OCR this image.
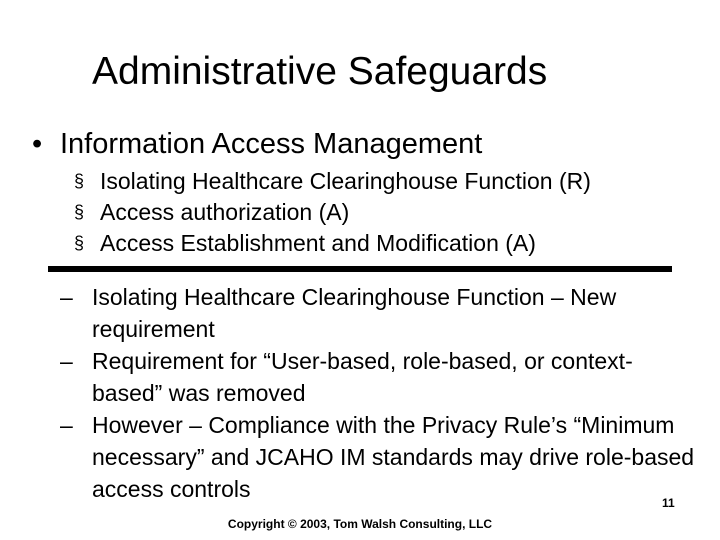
Administrative Safeguards
• Information Access Management
§ Isolating Healthcare Clearinghouse Function (R)
§ Access authorization (A)
§ Access Establishment and Modification (A)
– Isolating Healthcare Clearinghouse Function – New requirement
– Requirement for “User-based, role-based, or context-based” was removed
– However – Compliance with the Privacy Rule’s “Minimum necessary” and JCAHO IM standards may drive role-based access controls
11
Copyright © 2003, Tom Walsh Consulting, LLC
